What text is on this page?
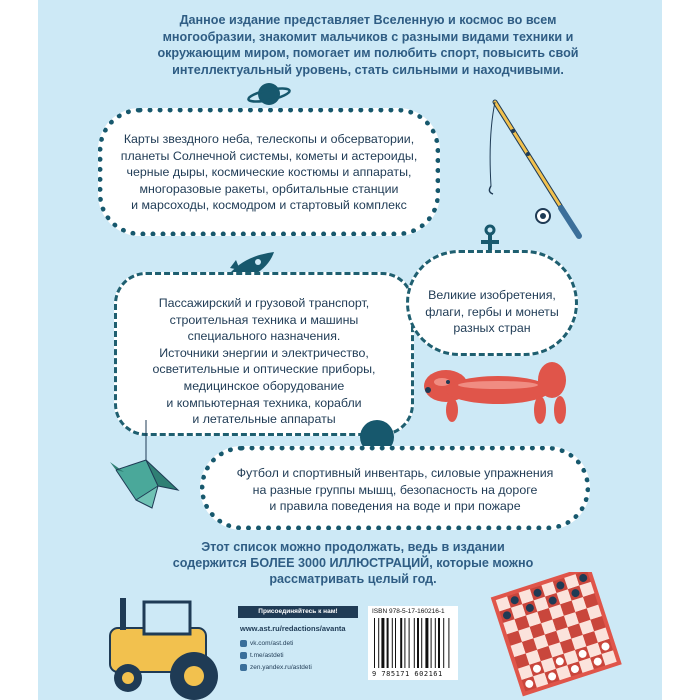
Данное издание представляет Вселенную и космос во всем многообразии, знакомит мальчиков с разными видами техники и окружающим миром, помогает им полюбить спорт, повысить свой интеллектуальный уровень, стать сильными и находчивыми.

Карты звездного неба, телескопы и обсерватории,

планеты Солнечной системы, кометы и астероиды,

черные дыры, космические костюмы и аппараты,

многоразовые ракеты, орбитальные станции

и марсоходы, космодром и стартовый комплекс

Пассажирский и грузовой транспорт,

строительная техника и машины

специального назначения.

Источники энергии и электричество,

осветительные и оптические приборы,

медицинское оборудование

и компьютерная техника, корабли

и летательные аппараты

Великие изобретения,

флаги, гербы и монеты

разных стран

Футбол и спортивный инвентарь, силовые упражнения

на разные группы мышц, безопасность на дороге

и правила поведения на воде и при пожаре

Этот список можно продолжать, ведь в издании содержится БОЛЕЕ 3000 ИЛЛЮСТРАЦИЙ, которые можно рассматривать целый год.
Присоединяйтесь к нам!
www.ast.ru/redactions/avanta
vk.com/ast.deti
t.me/astdeti
zen.yandex.ru/astdeti
ISBN 978-5-17-160216-1
9 785171 602161
